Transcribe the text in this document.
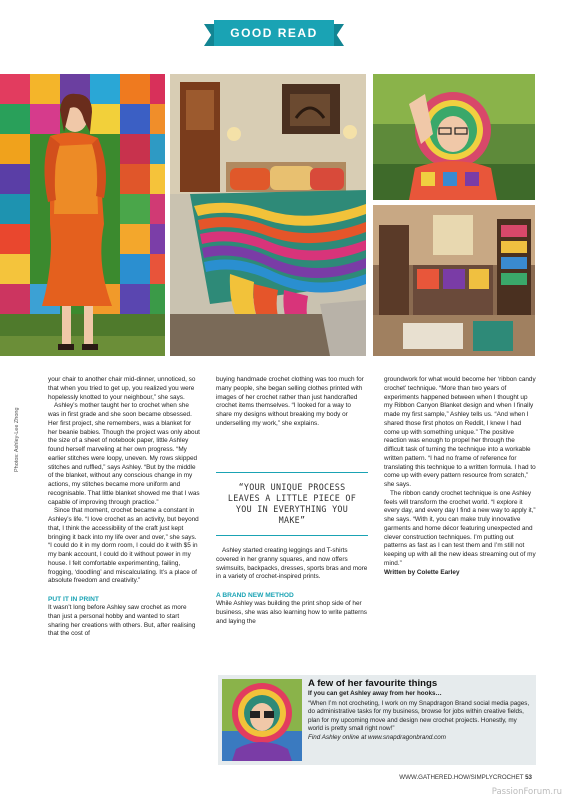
GOOD READ
Photos: Ashley-Lee Zhong

your chair to another chair mid-dinner, unnoticed, so that when you tried to get up, you realized you were hopelessly knotted to your neighbour,” she says.

Ashley’s mother taught her to crochet when she was in first grade and she soon became obsessed. Her first project, she remembers, was a blanket for her beanie babies. Though the project was only about the size of a sheet of notebook paper, little Ashley found herself marveling at her own progress. “My earlier stitches were loopy, uneven. My rows skipped stitches and ruffled,” says Ashley. “But by the middle of the blanket, without any conscious change in my actions, my stitches became more uniform and recognisable. That little blanket showed me that I was capable of improving through practice.”

Since that moment, crochet became a constant in Ashley’s life. “I love crochet as an activity, but beyond that, I think the accessibility of the craft just kept bringing it back into my life over and over,” she says. “I could do it in my dorm room, I could do it with $5 in my bank account, I could do it without power in my house. I felt comfortable experimenting, failing, frogging, ‘doodling’ and miscalculating. It’s a place of absolute freedom and creativity.”

PUT IT IN PRINT

It wasn’t long before Ashley saw crochet as more than just a personal hobby and wanted to start sharing her creations with others. But, after realising that the cost of

buying handmade crochet clothing was too much for many people, she began selling clothes printed with images of her crochet rather than just handcrafted crochet items themselves. “I looked for a way to share my designs without breaking my body or underselling my work,” she explains.

“YOUR UNIQUE PROCESS LEAVES A LITTLE PIECE OF YOU IN EVERYTHING YOU MAKE”

Ashley started creating leggings and T-shirts covered in her granny squares, and now offers swimsuits, backpacks, dresses, sports bras and more in a variety of crochet-inspired prints.

A BRAND NEW METHOD

While Ashley was building the print shop side of her business, she was also learning how to write patterns and laying the

groundwork for what would become her ‘ribbon candy crochet’ technique. “More than two years of experiments happened between when I thought up my Ribbon Canyon Blanket design and when I finally made my first sample,” Ashley tells us. “And when I shared those first photos on Reddit, I knew I had come up with something unique.” The positive reaction was enough to propel her through the difficult task of turning the technique into a workable written pattern. “I had no frame of reference for translating this technique to a written formula. I had to come up with every pattern resource from scratch,” she says.

The ribbon candy crochet technique is one Ashley feels will transform the crochet world. “I explore it every day, and every day I find a new way to apply it,” she says. “With it, you can make truly innovative garments and home décor featuring unexpected and clever construction techniques. I’m putting out patterns as fast as I can test them and I’m still not keeping up with all the new ideas streaming out of my mind.”

Written by Colette Earley

A few of her favourite things
If you can get Ashley away from her hooks…
“When I’m not crocheting, I work on my Snapdragon Brand social media pages, do administrative tasks for my business, browse for jobs within creative fields, plan for my upcoming move and design new crochet projects. Honestly, my world is pretty small right now!”
Find Ashley online at www.snapdragonbrand.com
WWW.GATHERED.HOW/SIMPLYCROCHET 53
PassionForum.ru
